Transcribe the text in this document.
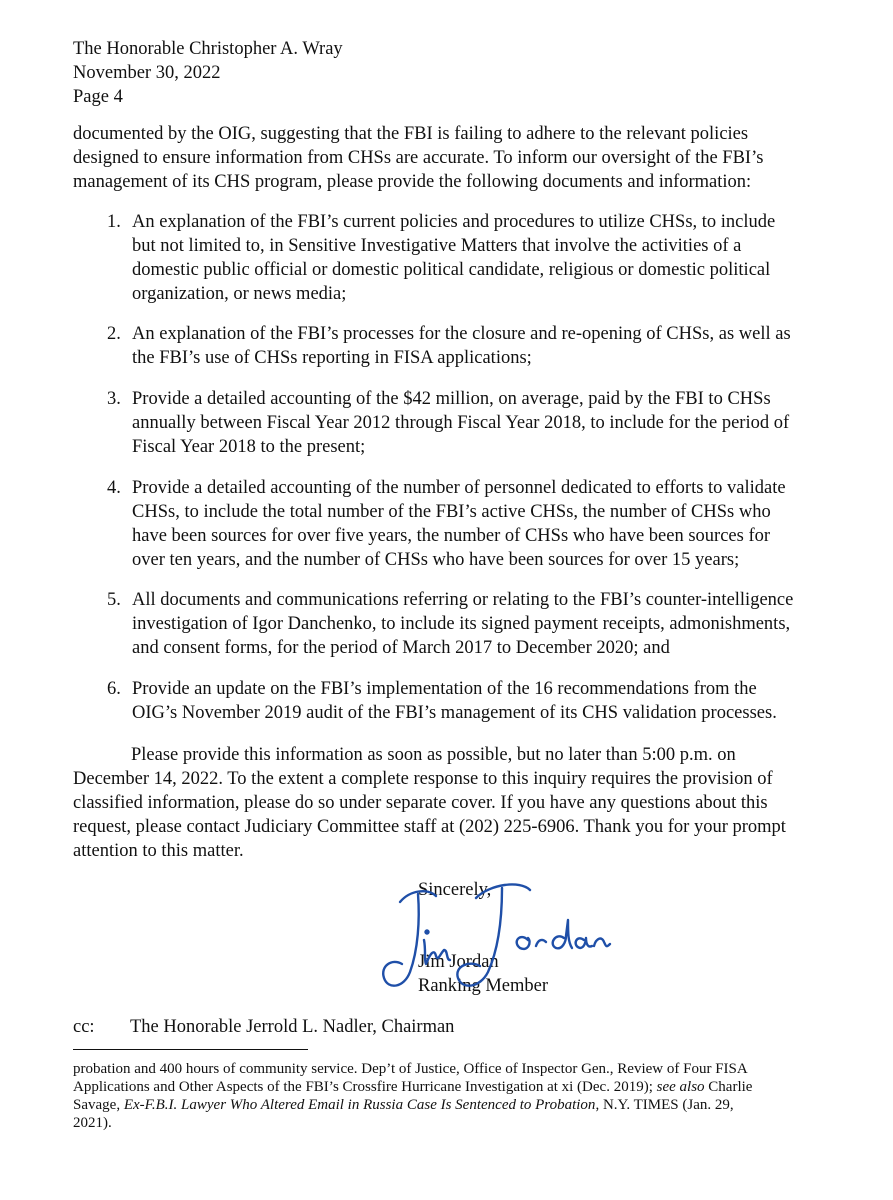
The Honorable Christopher A. Wray
November 30, 2022
Page 4
documented by the OIG, suggesting that the FBI is failing to adhere to the relevant policies
designed to ensure information from CHSs are accurate. To inform our oversight of the FBI’s
management of its CHS program, please provide the following documents and information:
1. An explanation of the FBI’s current policies and procedures to utilize CHSs, to include
but not limited to, in Sensitive Investigative Matters that involve the activities of a
domestic public official or domestic political candidate, religious or domestic political
organization, or news media;
2. An explanation of the FBI’s processes for the closure and re-opening of CHSs, as well as
the FBI’s use of CHSs reporting in FISA applications;
3. Provide a detailed accounting of the $42 million, on average, paid by the FBI to CHSs
annually between Fiscal Year 2012 through Fiscal Year 2018, to include for the period of
Fiscal Year 2018 to the present;
4. Provide a detailed accounting of the number of personnel dedicated to efforts to validate
CHSs, to include the total number of the FBI’s active CHSs, the number of CHSs who
have been sources for over five years, the number of CHSs who have been sources for
over ten years, and the number of CHSs who have been sources for over 15 years;
5. All documents and communications referring or relating to the FBI’s counter-intelligence
investigation of Igor Danchenko, to include its signed payment receipts, admonishments,
and consent forms, for the period of March 2017 to December 2020; and
6. Provide an update on the FBI’s implementation of the 16 recommendations from the
OIG’s November 2019 audit of the FBI’s management of its CHS validation processes.
Please provide this information as soon as possible, but no later than 5:00 p.m. on
December 14, 2022. To the extent a complete response to this inquiry requires the provision of
classified information, please do so under separate cover. If you have any questions about this
request, please contact Judiciary Committee staff at (202) 225-6906. Thank you for your prompt
attention to this matter.
Sincerely,
Jim Jordan
Ranking Member
cc: The Honorable Jerrold L. Nadler, Chairman
probation and 400 hours of community service. Dep’t of Justice, Office of Inspector Gen., Review of Four FISA
Applications and Other Aspects of the FBI’s Crossfire Hurricane Investigation at xi (Dec. 2019); see also Charlie
Savage, Ex-F.B.I. Lawyer Who Altered Email in Russia Case Is Sentenced to Probation, N.Y. TIMES (Jan. 29,
2021).
